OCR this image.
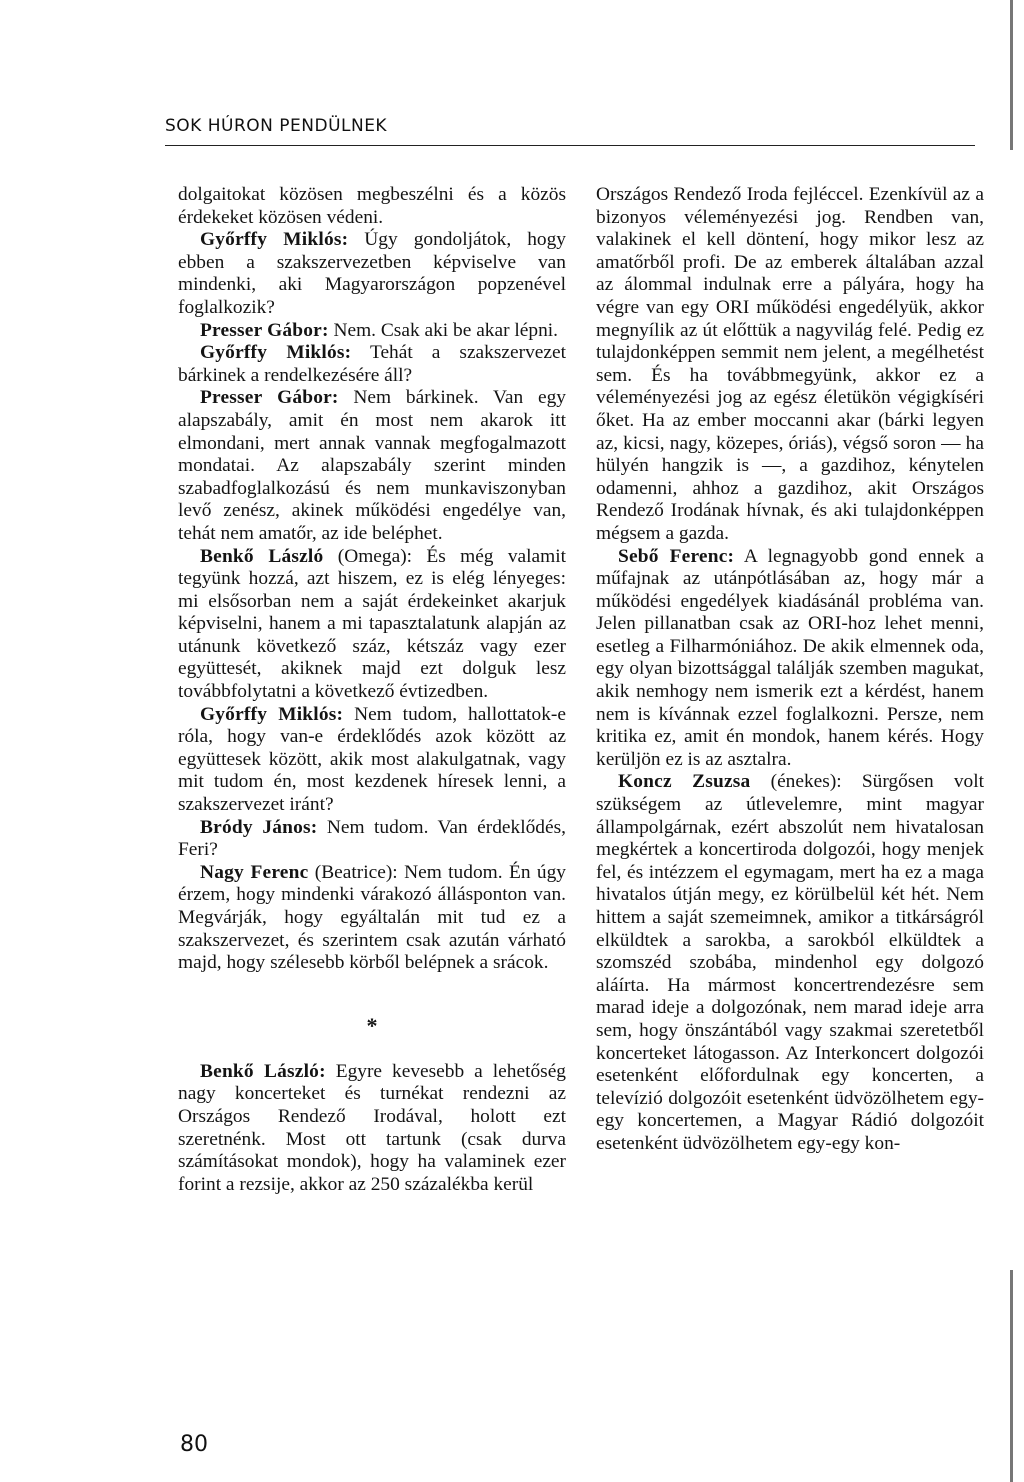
SOK HÚRON PENDÜLNEK

dolgaitokat közösen megbeszélni és a közös érdekeket közösen védeni.

Győrffy Miklós: Úgy gondoljátok, hogy ebben a szakszervezetben képviselve van mindenki, aki Magyarországon popzenével foglalkozik?

Presser Gábor: Nem. Csak aki be akar lépni.

Győrffy Miklós: Tehát a szakszervezet bárkinek a rendelkezésére áll?

Presser Gábor: Nem bárkinek. Van egy alapszabály, amit én most nem akarok itt elmondani, mert annak vannak megfogalmazott mondatai. Az alapszabály szerint minden szabadfoglalkozású és nem munkaviszonyban levő zenész, akinek működési engedélye van, tehát nem amatőr, az ide beléphet.

Benkő László (Omega): És még valamit tegyünk hozzá, azt hiszem, ez is elég lényeges: mi elsősorban nem a saját érdekeinket akarjuk képviselni, hanem a mi tapasztalatunk alapján az utánunk következő száz, kétszáz vagy ezer együttesét, akiknek majd ezt dolguk lesz továbbfolytatni a következő évtizedben.

Győrffy Miklós: Nem tudom, hallottatok-e róla, hogy van-e érdeklődés azok között az együttesek között, akik most alakulgatnak, vagy mit tudom én, most kezdenek híresek lenni, a szakszervezet iránt?

Bródy János: Nem tudom. Van érdeklődés, Feri?

Nagy Ferenc (Beatrice): Nem tudom. Én úgy érzem, hogy mindenki várakozó állásponton van. Megvárják, hogy egyáltalán mit tud ez a szakszervezet, és szerintem csak azután várható majd, hogy szélesebb körből belépnek a srácok.

*

Benkő László: Egyre kevesebb a lehetőség nagy koncerteket és turnékat rendezni az Országos Rendező Irodával, holott ezt szeretnénk. Most ott tartunk (csak durva számításokat mondok), hogy ha valaminek ezer forint a rezsije, akkor az 250 százalékba kerül

Országos Rendező Iroda fejléccel. Ezenkívül az a bizonyos véleményezési jog. Rendben van, valakinek el kell döntení, hogy mikor lesz az amatőrből profi. De az emberek általában azzal az álommal indulnak erre a pályára, hogy ha végre van egy ORI működési engedélyük, akkor megnyílik az út előttük a nagyvilág felé. Pedig ez tulajdonképpen semmit nem jelent, a megélhetést sem. És ha továbbmegyünk, akkor ez a véleményezési jog az egész életükön végigkíséri őket. Ha az ember moccanni akar (bárki legyen az, kicsi, nagy, közepes, óriás), végső soron — ha hülyén hangzik is —, a gazdihoz, kénytelen odamenni, ahhoz a gazdihoz, akit Országos Rendező Irodának hívnak, és aki tulajdonképpen mégsem a gazda.

Sebő Ferenc: A legnagyobb gond ennek a műfajnak az utánpótlásában az, hogy már a működési engedélyek kiadásánál probléma van. Jelen pillanatban csak az ORI-hoz lehet menni, esetleg a Filharmóniához. De akik elmennek oda, egy olyan bizottsággal találják szemben magukat, akik nemhogy nem ismerik ezt a kérdést, hanem nem is kívánnak ezzel foglalkozni. Persze, nem kritika ez, amit én mondok, hanem kérés. Hogy kerüljön ez is az asztalra.

Koncz Zsuzsa (énekes): Sürgősen volt szükségem az útlevelemre, mint magyar állampolgárnak, ezért abszolút nem hivatalosan megkértek a koncertiroda dolgozói, hogy menjek fel, és intézzem el egymagam, mert ha ez a maga hivatalos útján megy, ez körülbelül két hét. Nem hittem a saját szemeimnek, amikor a titkárságról elküldtek a sarokba, a sarokból elküldtek a szomszéd szobába, mindenhol egy dolgozó aláírta. Ha mármost koncertrendezésre sem marad ideje a dolgozónak, nem marad ideje arra sem, hogy önszántából vagy szakmai szeretetből koncerteket látogasson. Az Interkoncert dolgozói esetenként előfordulnak egy koncerten, a televízió dolgozóit esetenként üdvözölhetem egy-egy koncertemen, a Magyar Rádió dolgozóit esetenként üdvözölhetem egy-egy kon-

80
